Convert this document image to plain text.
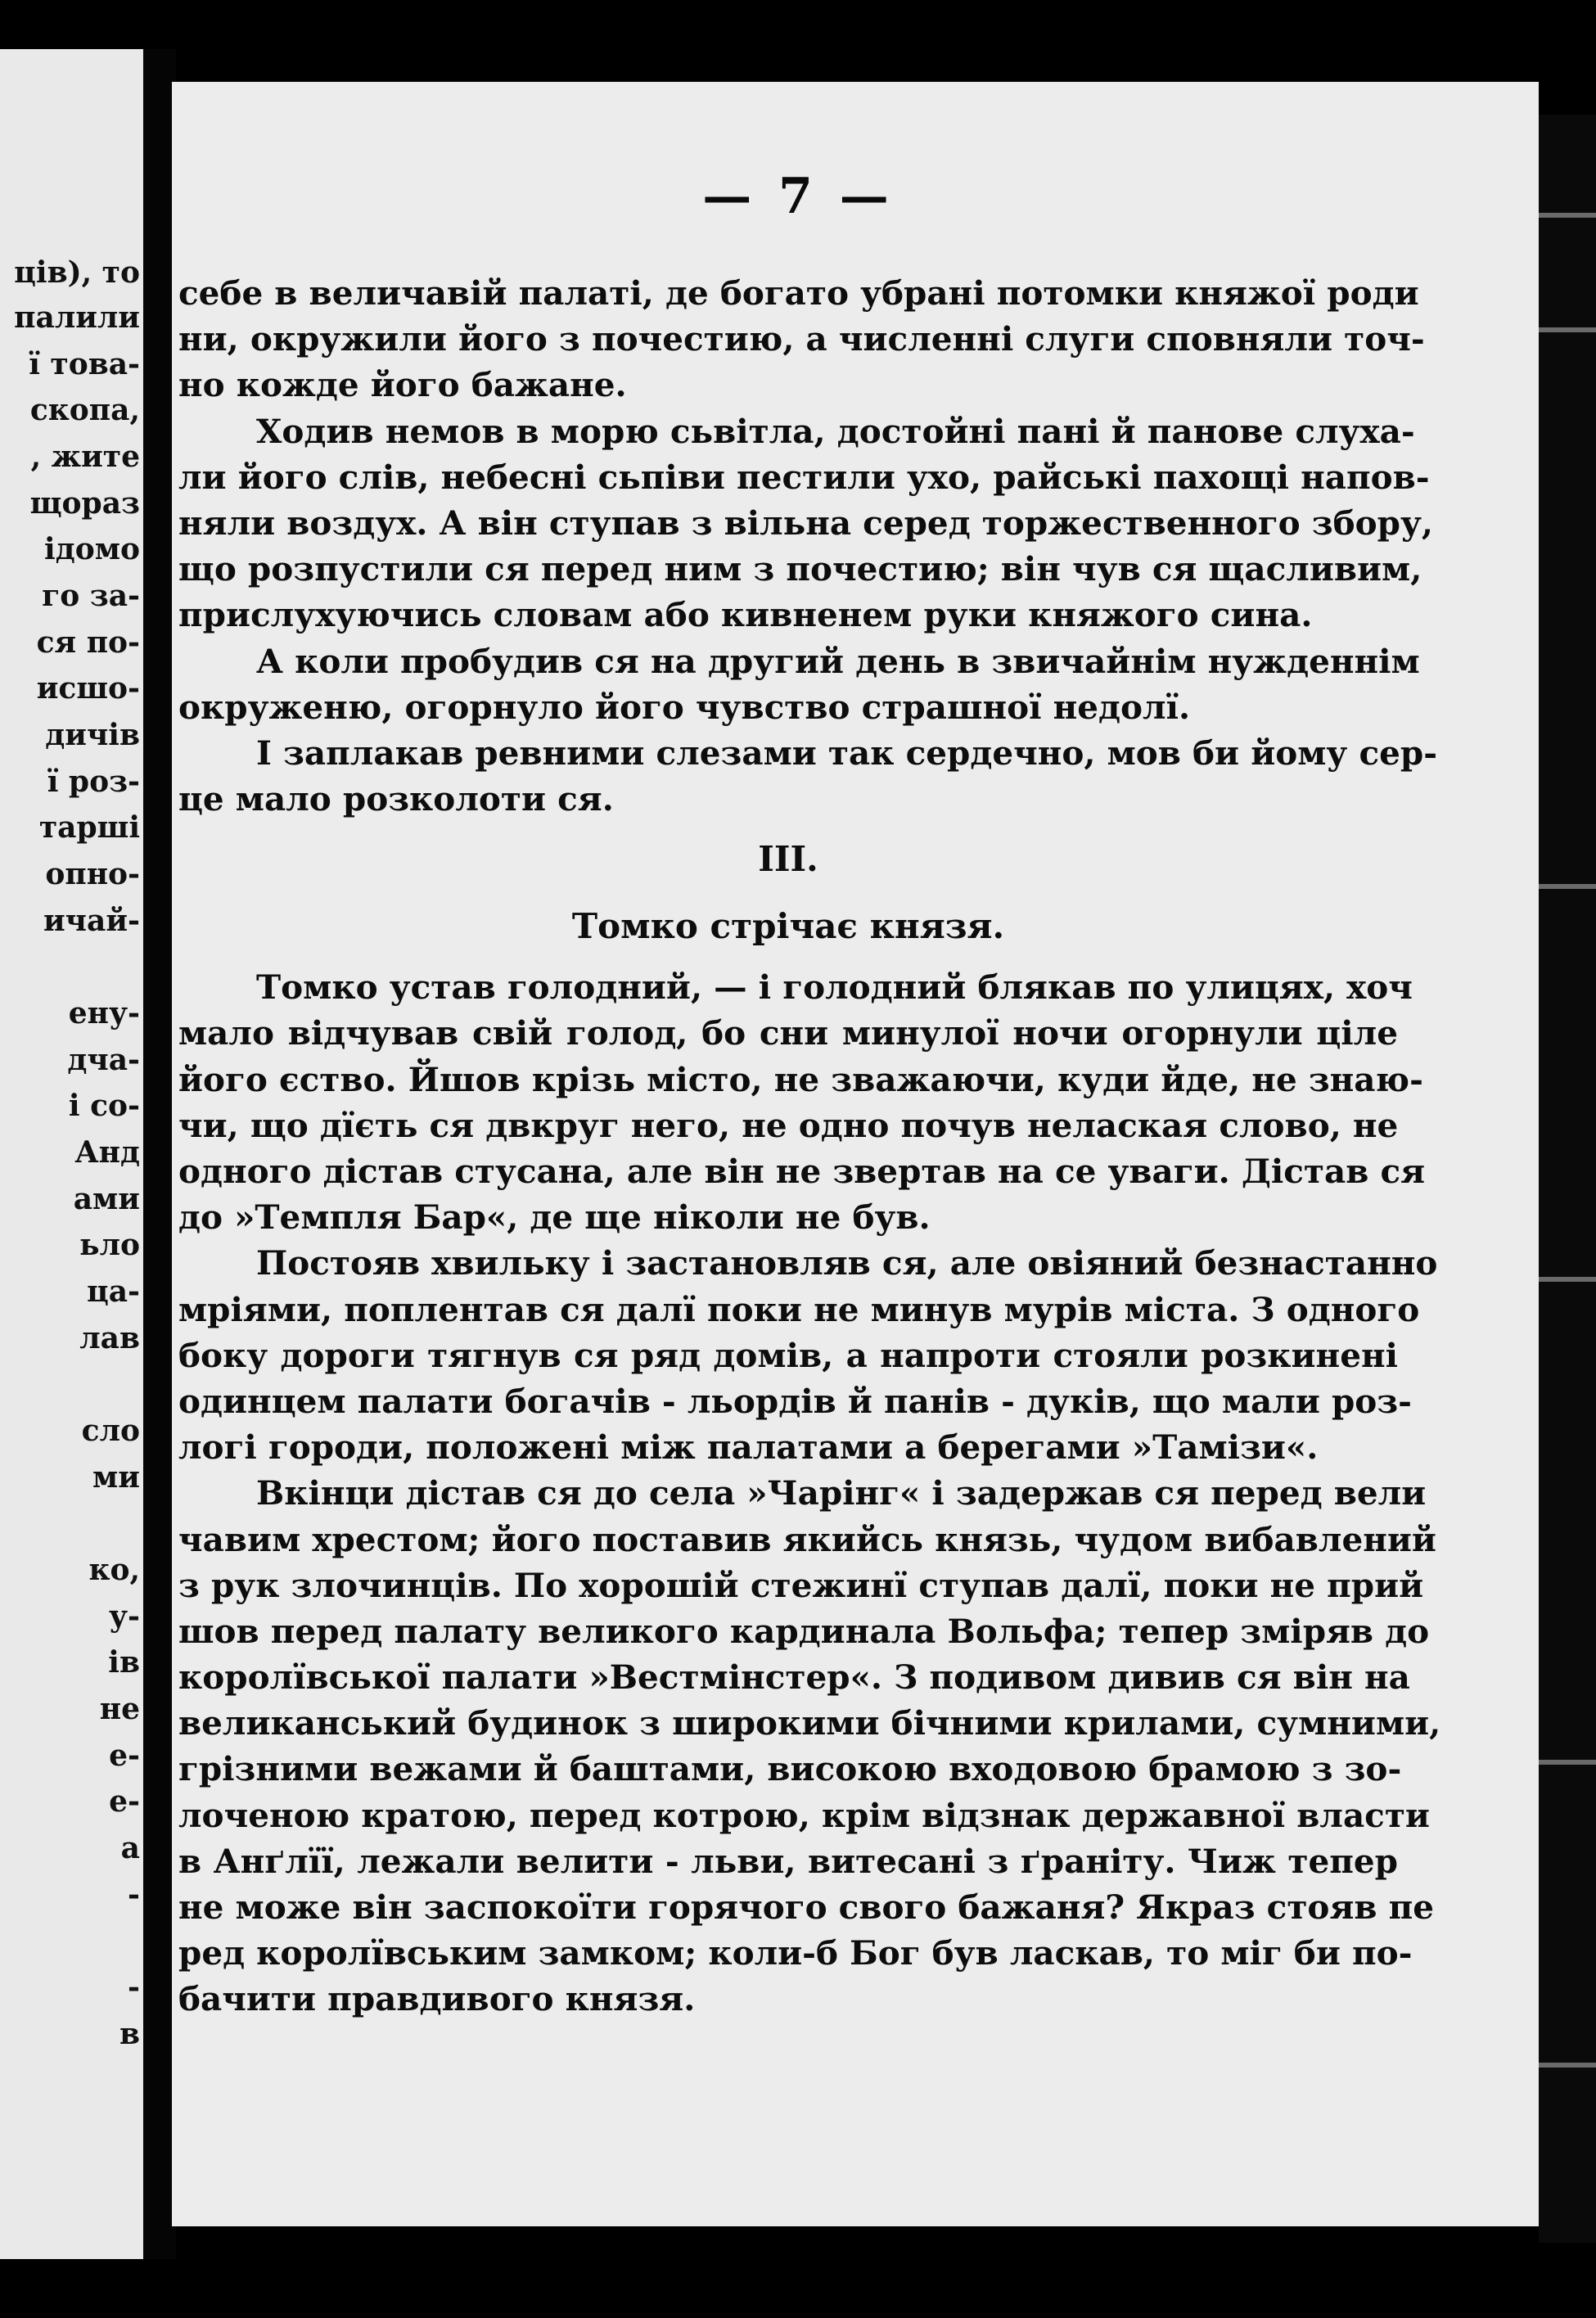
ців), то
палили
ї това-
скопа,
, жите
щораз
ідомо
го за-
ся по-
исшо-
дичів
ї роз-
тарші
опно-
ичай-
ену-
дча-
і со-
Анд
ами
ьло
ца-
лав
сло
ми
ко,
у-
ів
не
е-
е-
а
-
-
в
— 7 —
себе в величавій палаті, де богато убрані потомки княжої роди
ни, окружили його з почестию, а численні слуги сповняли точ-
но кожде його бажане.
Ходив немов в морю сьвітла, достойні пані й панове слуха-
ли його слів, небесні сьпіви пестили ухо, райські пахощі напов-
няли воздух. А він ступав з вільна серед торжественного збору,
що розпустили ся перед ним з почестию; він чув ся щасливим,
прислухуючись словам або кивненем руки княжого сина.
А коли пробудив ся на другий день в звичайнім нужденнім
окруженю, огорнуло його чувство страшної недолї.
І заплакав ревними слезами так сердечно, мов би йому сер-
це мало розколоти ся.
III.
Томко стрічає князя.
Томко устав голодний, — і голодний блякав по улицях, хоч
мало відчував свій голод, бо сни минулої ночи огорнули ціле
його єство. Йшов крізь місто, не зважаючи, куди йде, не знаю-
чи, що дїєть ся двкруг него, не одно почув нелаская слово, не
одного дістав стусана, але він не звертав на се уваги. Дістав ся
до »Темпля Бар«, де ще ніколи не був.
Постояв хвильку і застановляв ся, але овіяний безнастанно
мріями, поплентав ся далї поки не минув мурів міста. З одного
боку дороги тягнув ся ряд домів, а напроти стояли розкинені
одинцем палати богачів - льордів й панів - дуків, що мали роз-
логі городи, положені між палатами а берегами »Тамізи«.
Вкінци дістав ся до села »Чарінг« і задержав ся перед вели
чавим хрестом; його поставив якийсь князь, чудом вибавлений
з рук злочинців. По хорошій стежинї ступав далї, поки не прий
шов перед палату великого кардинала Вольфа; тепер зміряв до
королївської палати »Вестмінстер«. З подивом дивив ся він на
великанський будинок з широкими бічними крилами, сумними,
грізними вежами й баштами, високою входовою брамою з зо-
лоченою кратою, перед котрою, крім відзнак державної власти
в Анґлїї, лежали велити - льви, витесані з ґраніту. Чиж тепер
не може він заспокоїти горячого свого бажаня? Якраз стояв пе
ред королївським замком; коли-б Бог був ласкав, то міг би по-
бачити правдивого князя.
